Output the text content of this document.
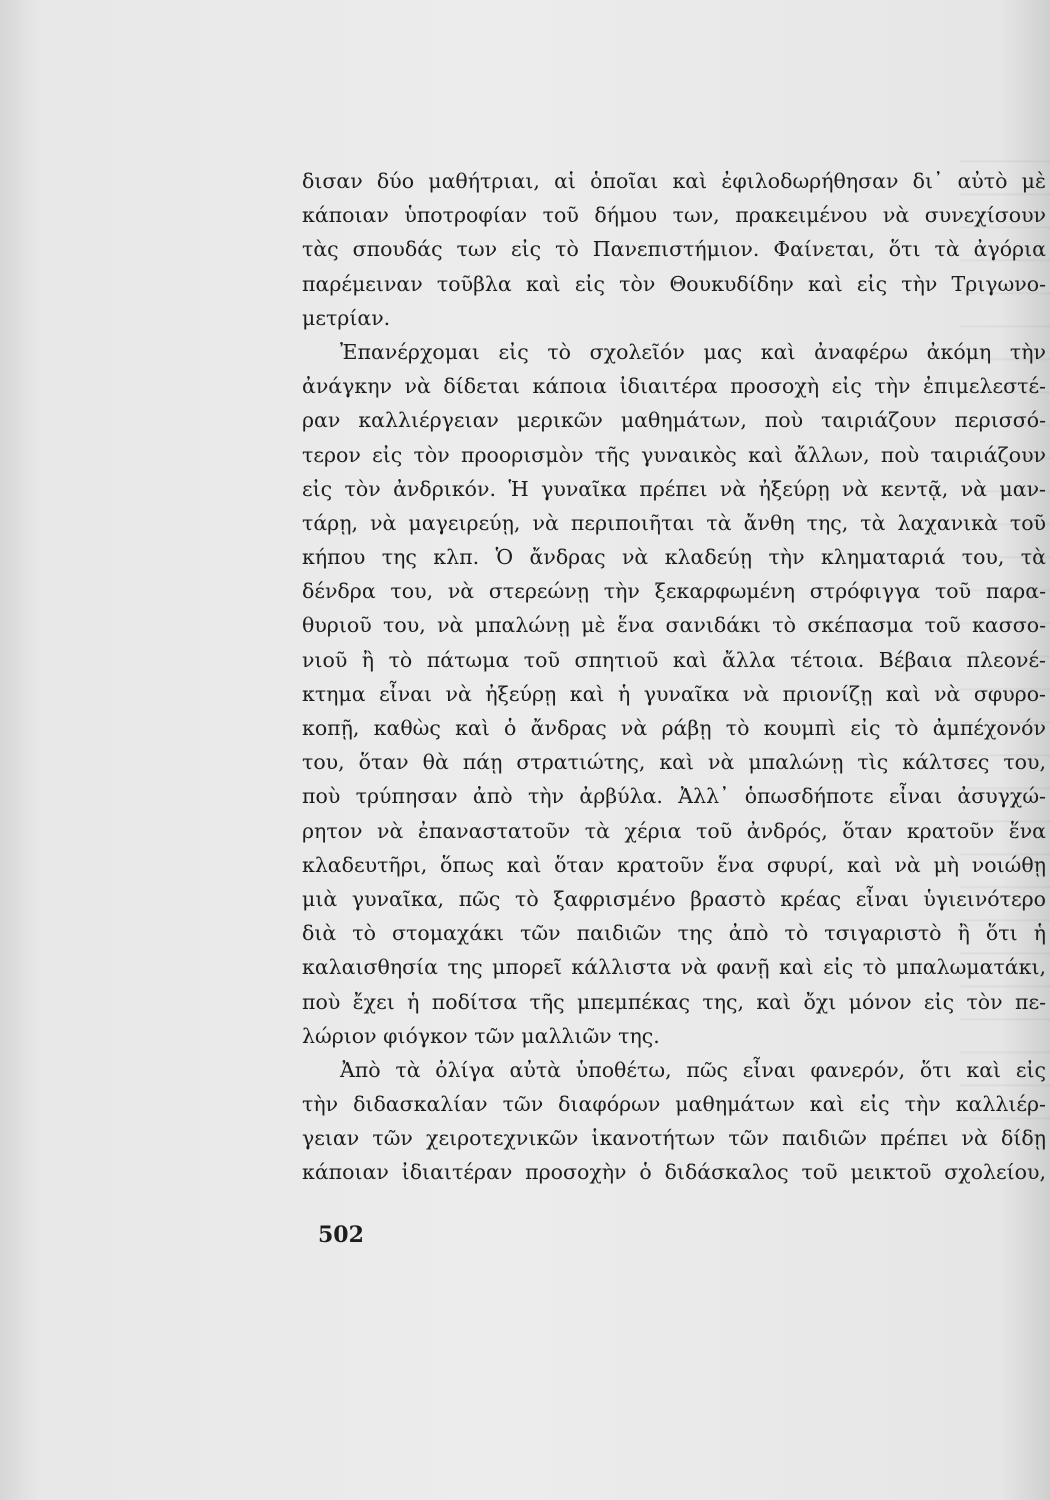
δισαν δύο μαθήτριαι, αἱ ὁποῖαι καὶ ἐφιλοδωρήθησαν δι᾽ αὐτὸ μὲ
κάποιαν ὑποτροφίαν τοῦ δήμου των, πρακειμένου νὰ συνεχίσουν
τὰς σπουδάς των εἰς τὸ Πανεπιστήμιον. Φαίνεται, ὅτι τὰ ἀγόρια
παρέμειναν τοῦβλα καὶ εἰς τὸν Θουκυδίδην καὶ εἰς τὴν Τριγωνο-
μετρίαν.
Ἐπανέρχομαι εἰς τὸ σχολεῖόν μας καὶ ἀναφέρω ἀκόμη τὴν
ἀνάγκην νὰ δίδεται κάποια ἰδιαιτέρα προσοχὴ εἰς τὴν ἐπιμελεστέ-
ραν καλλιέργειαν μερικῶν μαθημάτων, ποὺ ταιριάζουν περισσό-
τερον εἰς τὸν προορισμὸν τῆς γυναικὸς καὶ ἄλλων, ποὺ ταιριάζουν
εἰς τὸν ἀνδρικόν. Ἡ γυναῖκα πρέπει νὰ ἠξεύρῃ νὰ κεντᾷ, νὰ μαν-
τάρῃ, νὰ μαγειρεύῃ, νὰ περιποιῆται τὰ ἄνθη της, τὰ λαχανικὰ τοῦ
κήπου της κλπ. Ὁ ἄνδρας νὰ κλαδεύῃ τὴν κληματαριά του, τὰ
δένδρα του, νὰ στερεώνῃ τὴν ξεκαρφωμένη στρόφιγγα τοῦ παρα-
θυριοῦ του, νὰ μπαλώνῃ μὲ ἕνα σανιδάκι τὸ σκέπασμα τοῦ κασσο-
νιοῦ ἢ τὸ πάτωμα τοῦ σπητιοῦ καὶ ἄλλα τέτοια. Βέβαια πλεονέ-
κτημα εἶναι νὰ ἠξεύρῃ καὶ ἡ γυναῖκα νὰ πριονίζῃ καὶ νὰ σφυρο-
κοπῇ, καθὼς καὶ ὁ ἄνδρας νὰ ράβῃ τὸ κουμπὶ εἰς τὸ ἀμπέχονόν
του, ὅταν θὰ πάῃ στρατιώτης, καὶ νὰ μπαλώνῃ τὶς κάλτσες του,
ποὺ τρύπησαν ἀπὸ τὴν ἀρβύλα. Ἀλλ᾽ ὁπωσδήποτε εἶναι ἀσυγχώ-
ρητον νὰ ἐπαναστατοῦν τὰ χέρια τοῦ ἀνδρός, ὅταν κρατοῦν ἕνα
κλαδευτῆρι, ὅπως καὶ ὅταν κρατοῦν ἕνα σφυρί, καὶ νὰ μὴ νοιώθῃ
μιὰ γυναῖκα, πῶς τὸ ξαφρισμένο βραστὸ κρέας εἶναι ὑγιεινότερο
διὰ τὸ στομαχάκι τῶν παιδιῶν της ἀπὸ τὸ τσιγαριστὸ ἢ ὅτι ἡ
καλαισθησία της μπορεῖ κάλλιστα νὰ φανῇ καὶ εἰς τὸ μπαλωματάκι,
ποὺ ἔχει ἡ ποδίτσα τῆς μπεμπέκας της, καὶ ὄχι μόνον εἰς τὸν πε-
λώριον φιόγκον τῶν μαλλιῶν της.
Ἀπὸ τὰ ὀλίγα αὐτὰ ὑποθέτω, πῶς εἶναι φανερόν, ὅτι καὶ εἰς
τὴν διδασκαλίαν τῶν διαφόρων μαθημάτων καὶ εἰς τὴν καλλιέρ-
γειαν τῶν χειροτεχνικῶν ἱκανοτήτων τῶν παιδιῶν πρέπει νὰ δίδῃ
κάποιαν ἰδιαιτέραν προσοχὴν ὁ διδάσκαλος τοῦ μεικτοῦ σχολείου,
502
